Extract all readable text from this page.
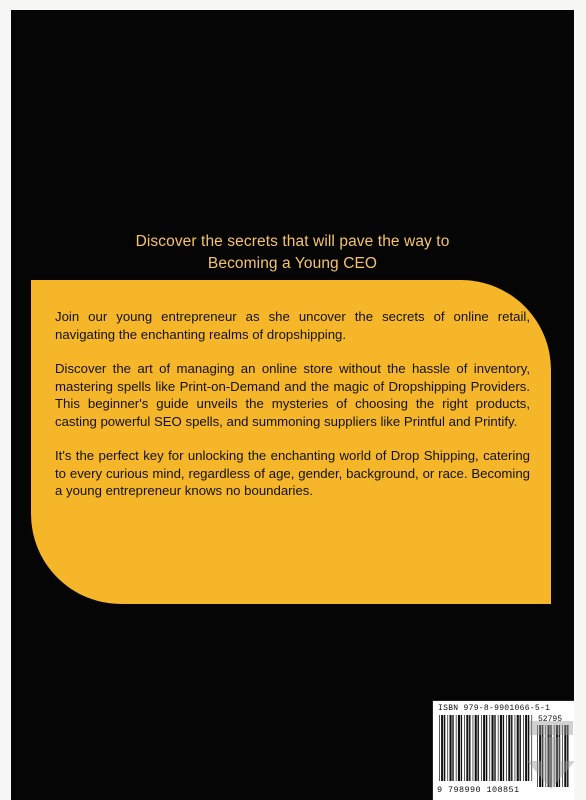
Discover the secrets that will pave the way to
Becoming a Young CEO

Join our young entrepreneur as she uncover the secrets of online retail, navigating the enchanting realms of dropshipping.

Discover the art of managing an online store without the hassle of inventory, mastering spells like Print-on-Demand and the magic of Dropshipping Providers. This beginner's guide unveils the mysteries of choosing the right products, casting powerful SEO spells, and summoning suppliers like Printful and Printify.

It's the perfect key for unlocking the enchanting world of Drop Shipping, catering to every curious mind, regardless of age, gender, background, or race. Becoming a young entrepreneur knows no boundaries.

ISBN 979-8-9901066-5-1
52795
9 798990 108851
